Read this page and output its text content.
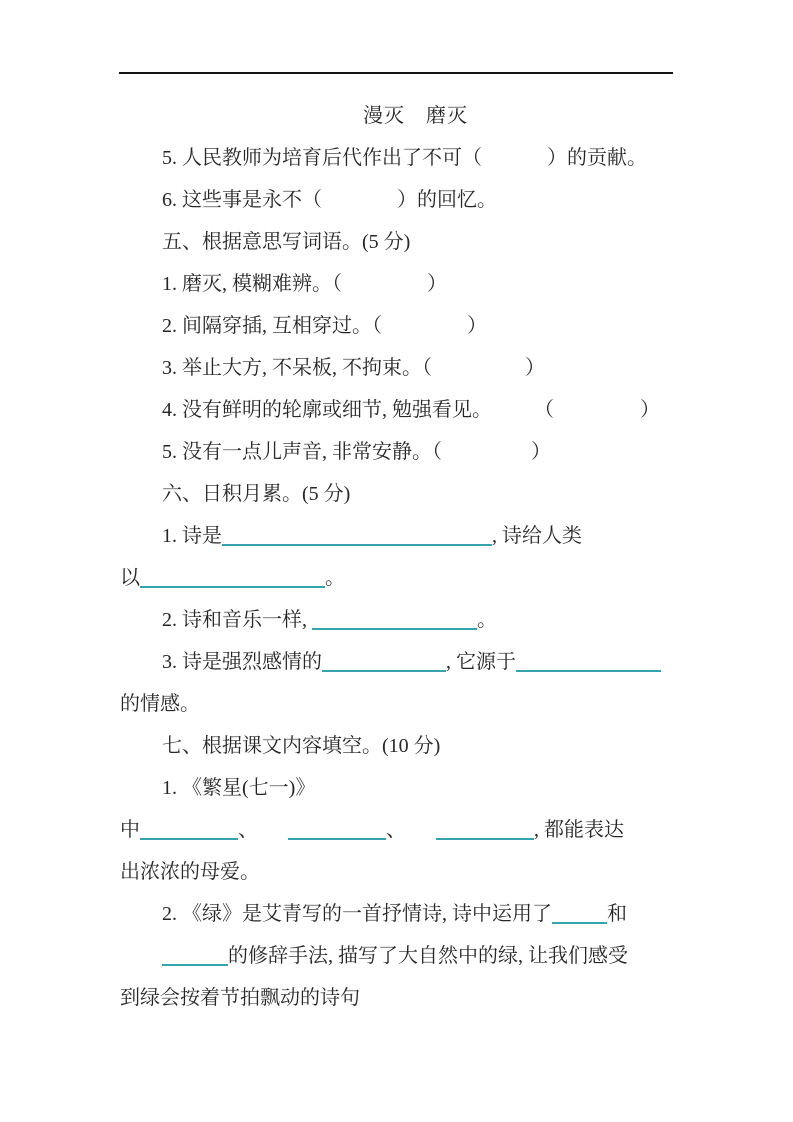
漫灭　磨灭
5. 人民教师为培育后代作出了不可（	）的贡献。
6. 这些事是永不（	）的回忆。
五、根据意思写词语。(5 分)
1. 磨灭, 模糊难辨。（	）
2. 间隔穿插, 互相穿过。（	）
3. 举止大方, 不呆板, 不拘束。（	）
4. 没有鲜明的轮廓或细节, 勉强看见。 （	）
5. 没有一点儿声音, 非常安静。（	）
六、日积月累。(5 分)
1. 诗是	, 诗给人类
以	。
2. 诗和音乐一样,	。
3. 诗是强烈感情的	, 它源于
的情感。
七、根据课文内容填空。(10 分)
1. 《繁星(七一)》
中	、	、	, 都能表达
出浓浓的母爱。
2. 《绿》是艾青写的一首抒情诗, 诗中运用了	和
的修辞手法, 描写了大自然中的绿, 让我们感受
到绿会按着节拍飘动的诗句
